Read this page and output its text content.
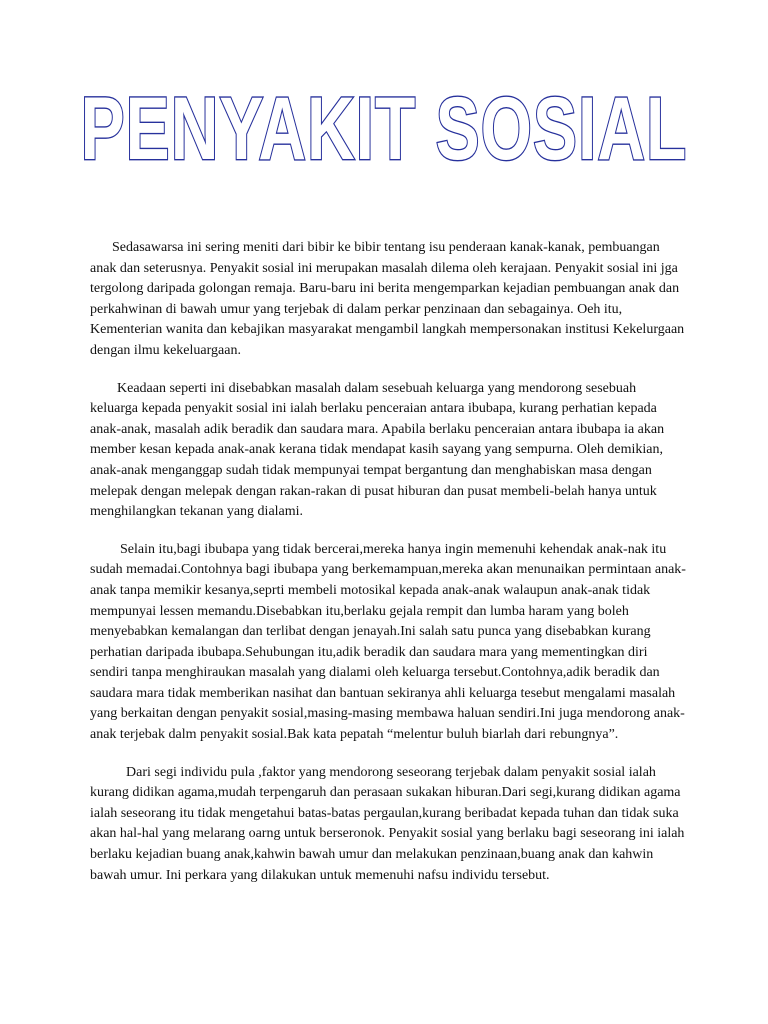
PENYAKIT SOSIAL

Sedasawarsa ini sering meniti dari bibir ke bibir tentang isu penderaan kanak-kanak, pembuangan anak dan seterusnya. Penyakit sosial ini merupakan masalah dilema oleh kerajaan. Penyakit sosial ini jga tergolong daripada golongan remaja. Baru-baru ini berita mengemparkan kejadian pembuangan anak dan perkahwinan di bawah umur yang terjebak di dalam perkar penzinaan dan sebagainya. Oeh itu, Kementerian wanita dan kebajikan masyarakat mengambil langkah mempersonakan institusi Kekelurgaan dengan ilmu kekeluargaan.

Keadaan seperti ini disebabkan masalah dalam sesebuah keluarga yang mendorong sesebuah keluarga kepada penyakit sosial ini ialah berlaku penceraian antara ibubapa, kurang perhatian kepada anak-anak, masalah adik beradik dan saudara mara. Apabila berlaku penceraian antara ibubapa ia akan member kesan kepada anak-anak kerana tidak mendapat kasih sayang yang sempurna. Oleh demikian, anak-anak menganggap sudah tidak mempunyai tempat bergantung dan menghabiskan masa dengan melepak dengan melepak dengan rakan-rakan di pusat hiburan dan pusat membeli-belah hanya untuk menghilangkan tekanan yang dialami.

Selain itu,bagi ibubapa yang tidak bercerai,mereka hanya ingin memenuhi kehendak anak-nak itu sudah memadai.Contohnya bagi ibubapa yang berkemampuan,mereka akan menunaikan permintaan anak-anak tanpa memikir kesanya,seprti membeli motosikal kepada anak-anak walaupun anak-anak tidak mempunyai lessen memandu.Disebabkan itu,berlaku gejala rempit dan lumba haram yang boleh menyebabkan kemalangan dan terlibat dengan jenayah.Ini salah satu punca yang disebabkan kurang perhatian daripada ibubapa.Sehubungan itu,adik beradik dan saudara mara yang mementingkan diri sendiri tanpa menghiraukan masalah yang dialami oleh keluarga tersebut.Contohnya,adik beradik dan saudara mara tidak memberikan nasihat dan bantuan sekiranya ahli keluarga tesebut mengalami masalah yang berkaitan dengan penyakit sosial,masing-masing membawa haluan sendiri.Ini juga mendorong anak-anak terjebak dalm penyakit sosial.Bak kata pepatah “melentur buluh biarlah dari rebungnya”.

Dari segi individu pula ,faktor yang mendorong seseorang terjebak dalam penyakit sosial ialah kurang didikan agama,mudah terpengaruh dan perasaan sukakan hiburan.Dari segi,kurang didikan agama ialah seseorang itu tidak mengetahui batas-batas pergaulan,kurang beribadat kepada tuhan dan tidak suka akan hal-hal yang melarang oarng untuk berseronok. Penyakit sosial yang berlaku bagi seseorang ini ialah berlaku kejadian buang anak,kahwin bawah umur dan melakukan penzinaan,buang anak dan kahwin bawah umur. Ini perkara yang dilakukan untuk memenuhi nafsu individu tersebut.
